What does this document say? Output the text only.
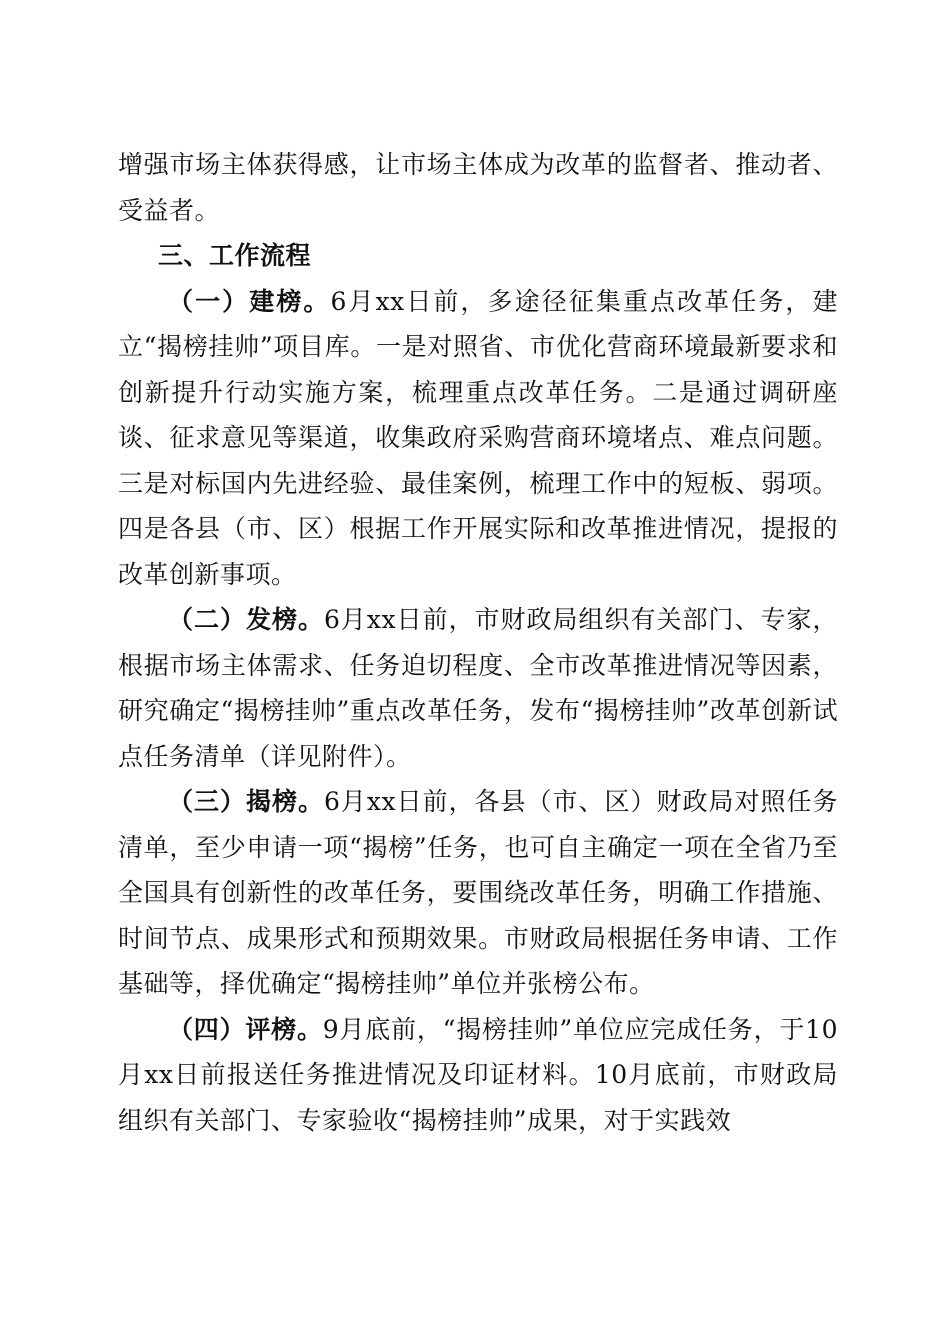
增强市场主体获得感，让市场主体成为改革的监督者、推动者、受益者。

三、工作流程

（一）建榜。6月xx日前，多途径征集重点改革任务，建立“揭榜挂帅”项目库。一是对照省、市优化营商环境最新要求和创新提升行动实施方案，梳理重点改革任务。二是通过调研座谈、征求意见等渠道，收集政府采购营商环境堵点、难点问题。三是对标国内先进经验、最佳案例，梳理工作中的短板、弱项。四是各县（市、区）根据工作开展实际和改革推进情况，提报的改革创新事项。

（二）发榜。6月xx日前，市财政局组织有关部门、专家，根据市场主体需求、任务迫切程度、全市改革推进情况等因素，研究确定“揭榜挂帅”重点改革任务，发布“揭榜挂帅”改革创新试点任务清单（详见附件）。

（三）揭榜。6月xx日前，各县（市、区）财政局对照任务清单，至少申请一项“揭榜”任务，也可自主确定一项在全省乃至全国具有创新性的改革任务，要围绕改革任务，明确工作措施、时间节点、成果形式和预期效果。市财政局根据任务申请、工作基础等，择优确定“揭榜挂帅”单位并张榜公布。

（四）评榜。9月底前，“揭榜挂帅”单位应完成任务，于10月xx日前报送任务推进情况及印证材料。10月底前，市财政局组织有关部门、专家验收“揭榜挂帅”成果，对于实践效
